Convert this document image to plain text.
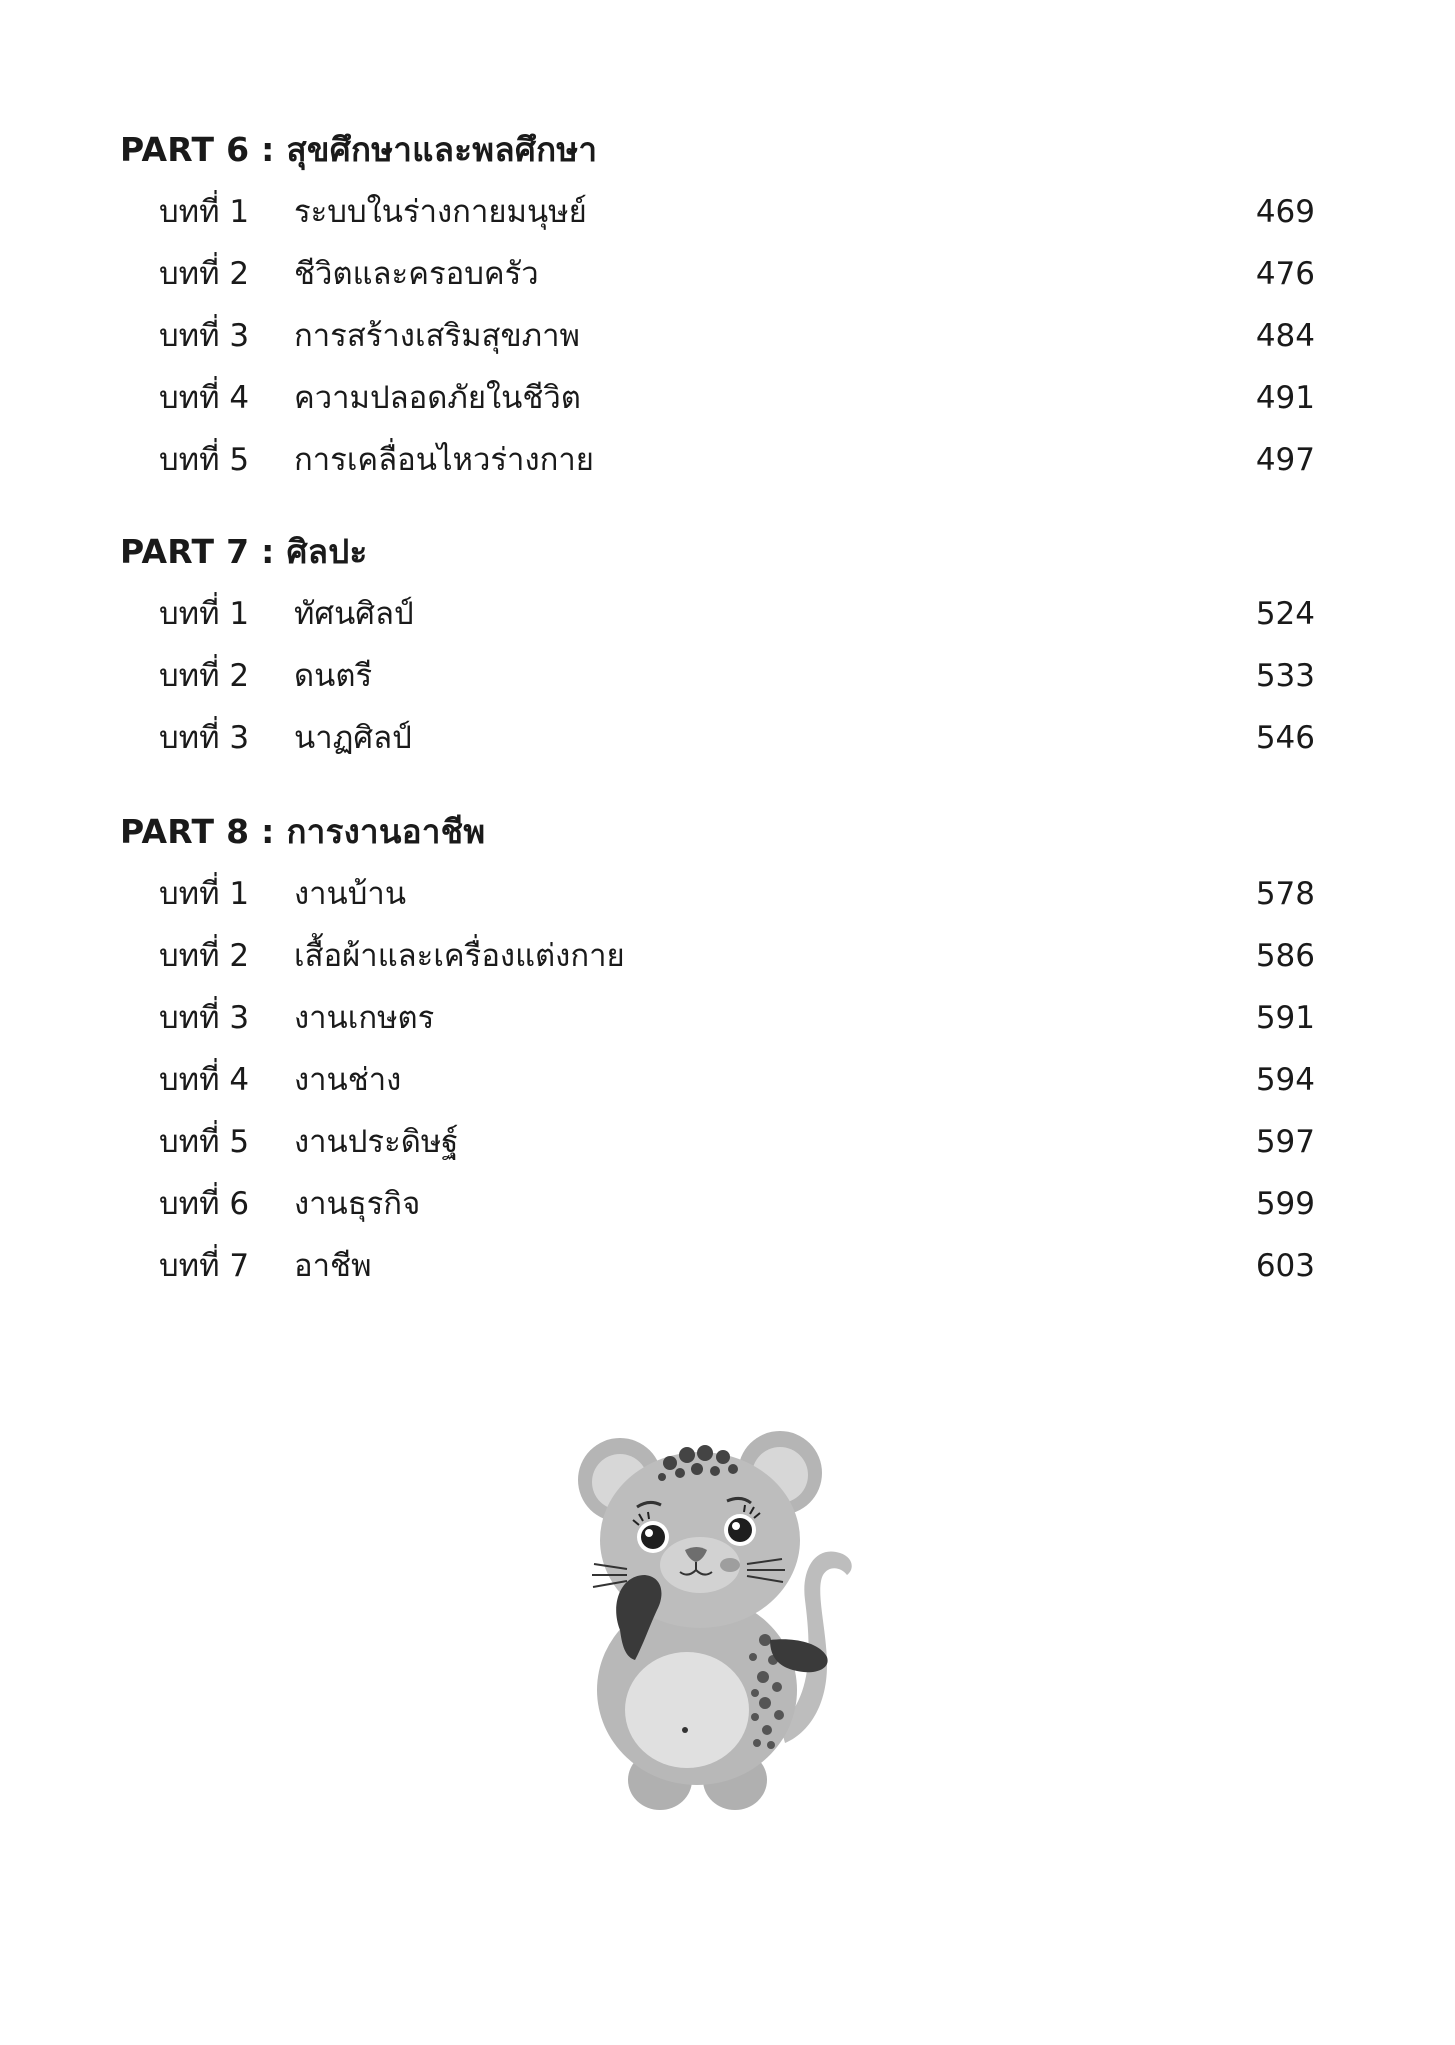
PART 6 : สุขศึกษาและพลศึกษา
บทที่ 1 ระบบในร่างกายมนุษย์	469
บทที่ 2 ชีวิตและครอบครัว	476
บทที่ 3 การสร้างเสริมสุขภาพ	484
บทที่ 4 ความปลอดภัยในชีวิต	491
บทที่ 5 การเคลื่อนไหวร่างกาย	497
PART 7 : ศิลปะ
บทที่ 1 ทัศนศิลป์	524
บทที่ 2 ดนตรี	533
บทที่ 3 นาฏศิลป์	546
PART 8 : การงานอาชีพ
บทที่ 1 งานบ้าน	578
บทที่ 2 เสื้อผ้าและเครื่องแต่งกาย	586
บทที่ 3 งานเกษตร	591
บทที่ 4 งานช่าง	594
บทที่ 5 งานประดิษฐ์	597
บทที่ 6 งานธุรกิจ	599
บทที่ 7 อาชีพ	603
